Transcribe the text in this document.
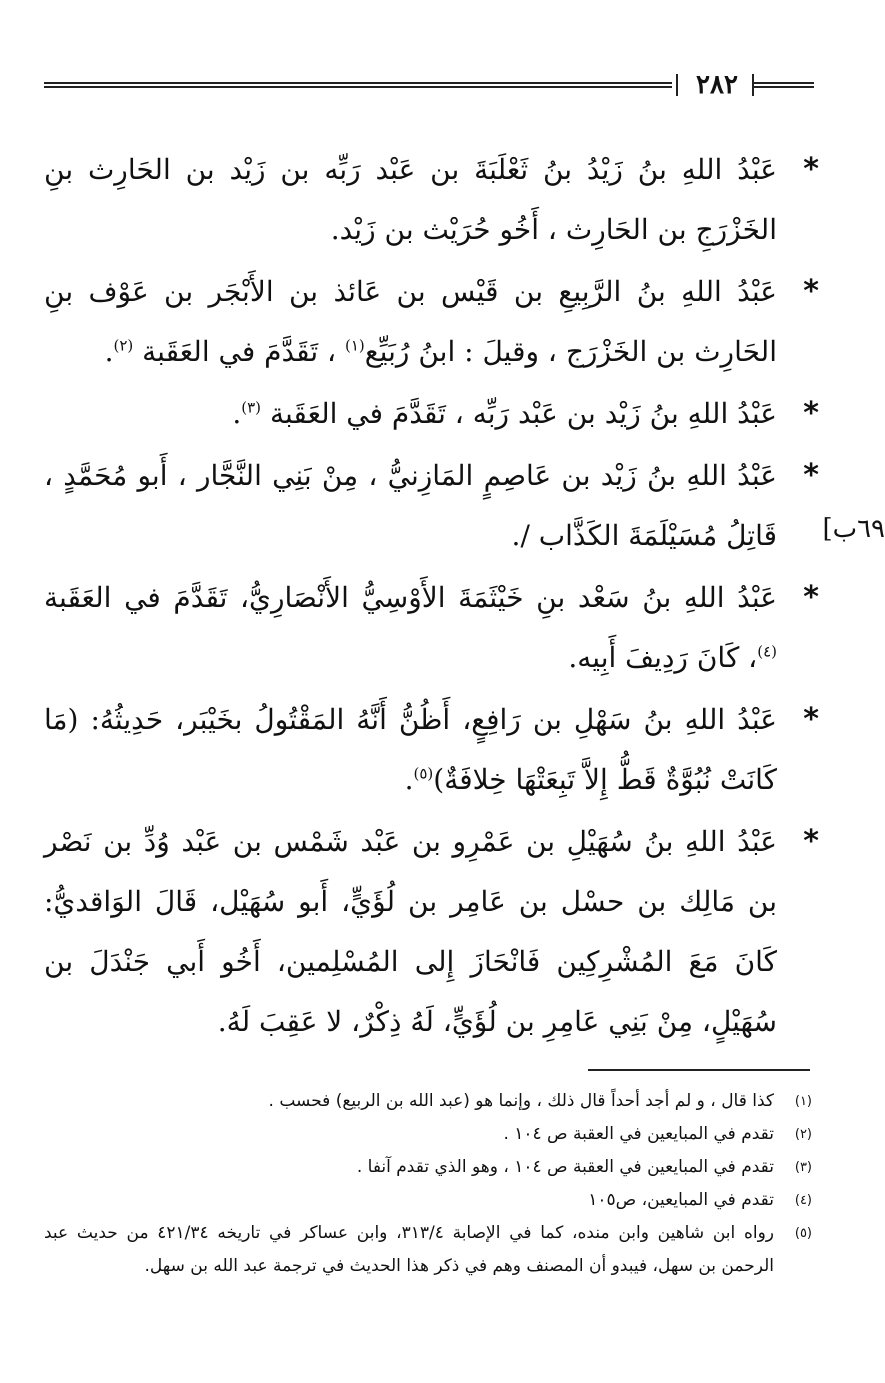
٢٨٢
٦٩ب]

*
عَبْدُ اللهِ بنُ زَيْدُ بنُ ثَعْلَبَةَ بن عَبْد رَبِّه بن زَيْد بن الحَارِث بنِ الخَزْرَجِ بن الحَارِث ، أَخُو حُرَيْث بن زَيْد.

*
عَبْدُ اللهِ بنُ الرَّبِيعِ بن قَيْس بن عَائذ بن الأَبْجَر بن عَوْف بنِ الحَارِث بن الخَزْرَج ، وقيلَ : ابنُ رُبَيِّع$^{(١)}$ ، تَقَدَّمَ في العَقَبة $^{(٢)}$.

*
عَبْدُ اللهِ بنُ زَيْد بن عَبْد رَبِّه ، تَقَدَّمَ في العَقَبة $^{(٣)}$.

*
عَبْدُ اللهِ بنُ زَيْد بن عَاصِمٍ المَازِنيُّ ، مِنْ بَنِي النَّجَّار ، أَبو مُحَمَّدٍ ، قَاتِلُ مُسَيْلَمَةَ الكَذَّاب /.

*
عَبْدُ اللهِ بنُ سَعْد بنِ خَيْثَمَةَ الأَوْسِيُّ الأَنْصَارِيُّ، تَقَدَّمَ في العَقَبة $^{(٤)}$، كَانَ رَدِيفَ أَبِيه.

*
عَبْدُ اللهِ بنُ سَهْلِ بن رَافِعٍ، أَظُنُّ أَنَّهُ المَقْتُولُ بخَيْبَر، حَدِيثُهُ: (مَا كَانَتْ نُبُوَّةٌ قَطُّ إِلاَّ تَبِعَتْهَا خِلافَةٌ)$^{(٥)}$.

*
عَبْدُ اللهِ بنُ سُهَيْلِ بن عَمْرِو بن عَبْد شَمْس بن عَبْد وُدِّ بن نَصْر بن مَالِك بن حسْل بن عَامِر بن لُؤَيٍّ، أَبو سُهَيْل، قَالَ الوَاقديُّ: كَانَ مَعَ المُشْرِكِين فَانْحَازَ إِلى المُسْلِمين، أَخُو أَبي جَنْدَلَ بن سُهَيْلٍ، مِنْ بَنِي عَامِرِ بن لُؤَيٍّ، لَهُ ذِكْرٌ، لا عَقِبَ لَهُ.

(١)
كذا قال ، و لم أجد أحداً قال ذلك ، وإنما هو (عبد الله بن الربيع) فحسب .
(٢)
تقدم في المبايعين في العقبة ص ١٠٤ .
(٣)
تقدم في المبايعين في العقبة ص ١٠٤ ، وهو الذي تقدم آنفا .
(٤)
تقدم في المبايعين، ص١٠٥
(٥)
رواه ابن شاهين وابن منده، كما في الإصابة ٣١٣/٤، وابن عساكر في تاريخه ٤٢١/٣٤ من حديث عبد الرحمن بن سهل، فيبدو أن المصنف وهم في ذكر هذا الحديث في ترجمة عبد الله بن سهل.
